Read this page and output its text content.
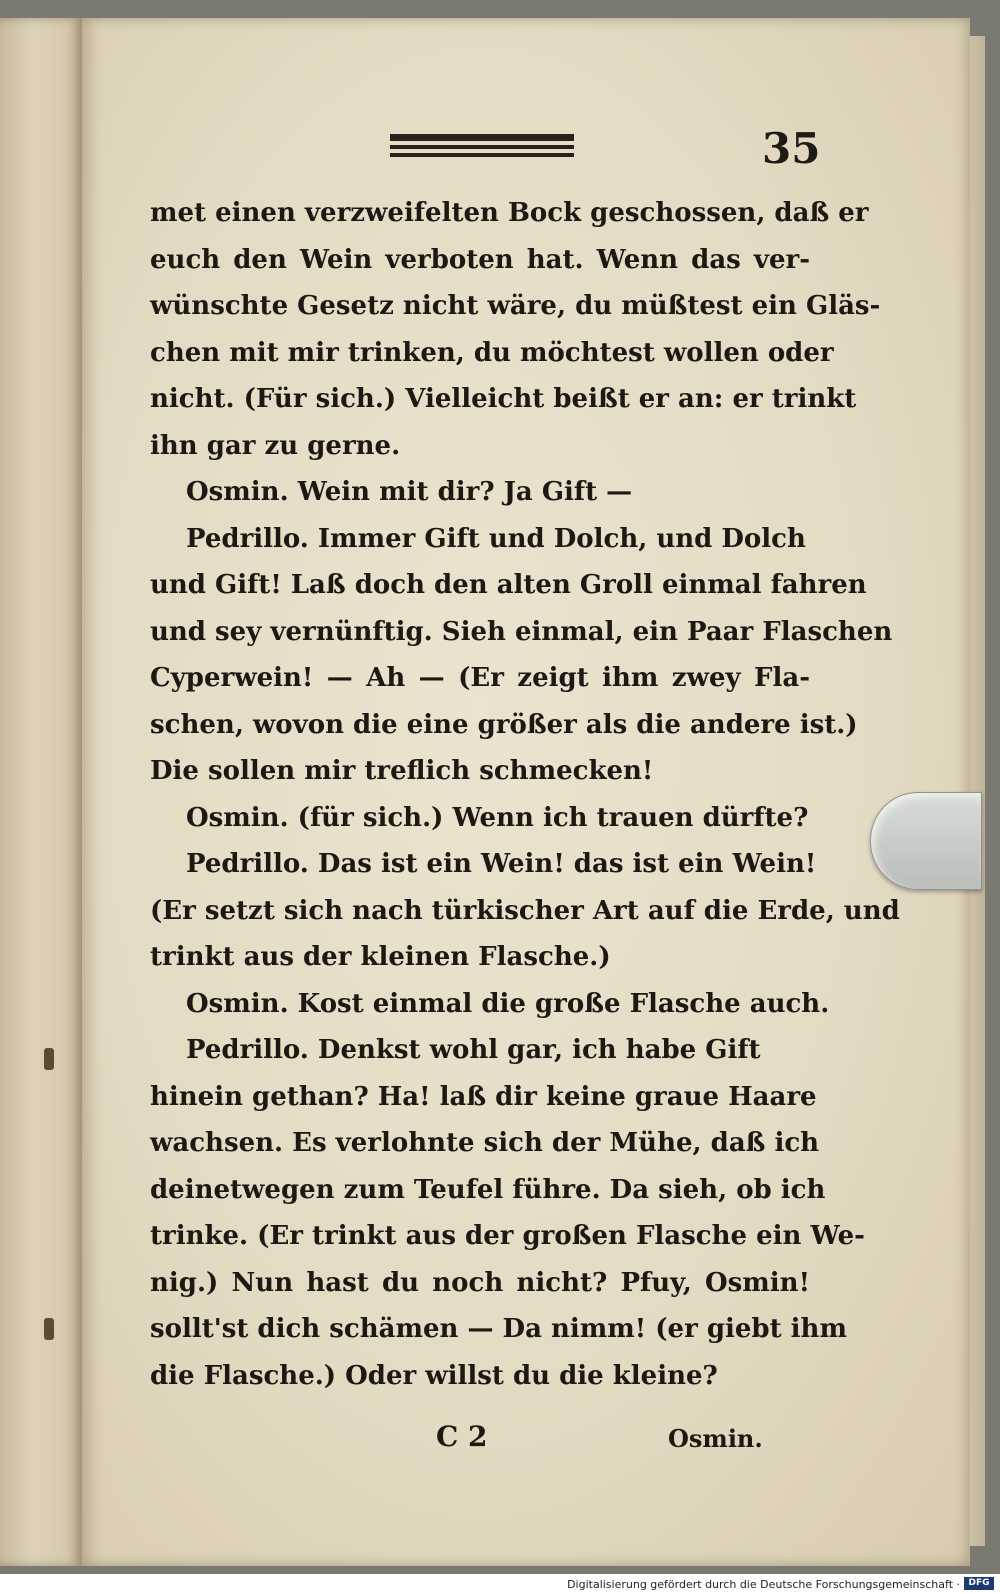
35
met einen verzweifelten Bock geschossen, daß er
euch den Wein verboten hat. Wenn das ver-
wünschte Gesetz nicht wäre, du müßtest ein Gläs-
chen mit mir trinken, du möchtest wollen oder
nicht. (Für sich.) Vielleicht beißt er an: er trinkt
ihn gar zu gerne.
Osmin. Wein mit dir? Ja Gift —
Pedrillo. Immer Gift und Dolch, und Dolch
und Gift! Laß doch den alten Groll einmal fahren
und sey vernünftig. Sieh einmal, ein Paar Flaschen
Cyperwein! — Ah — (Er zeigt ihm zwey Fla-
schen, wovon die eine größer als die andere ist.)
Die sollen mir treflich schmecken!
Osmin. (für sich.) Wenn ich trauen dürfte?
Pedrillo. Das ist ein Wein! das ist ein Wein!
(Er setzt sich nach türkischer Art auf die Erde, und
trinkt aus der kleinen Flasche.)
Osmin. Kost einmal die große Flasche auch.
Pedrillo. Denkst wohl gar, ich habe Gift
hinein gethan? Ha! laß dir keine graue Haare
wachsen. Es verlohnte sich der Mühe, daß ich
deinetwegen zum Teufel führe. Da sieh, ob ich
trinke. (Er trinkt aus der großen Flasche ein We-
nig.) Nun hast du noch nicht? Pfuy, Osmin!
sollt'st dich schämen — Da nimm! (er giebt ihm
die Flasche.) Oder willst du die kleine?
C 2	Osmin.
Digitalisierung gefördert durch die Deutsche Forschungsgemeinschaft · DFG
